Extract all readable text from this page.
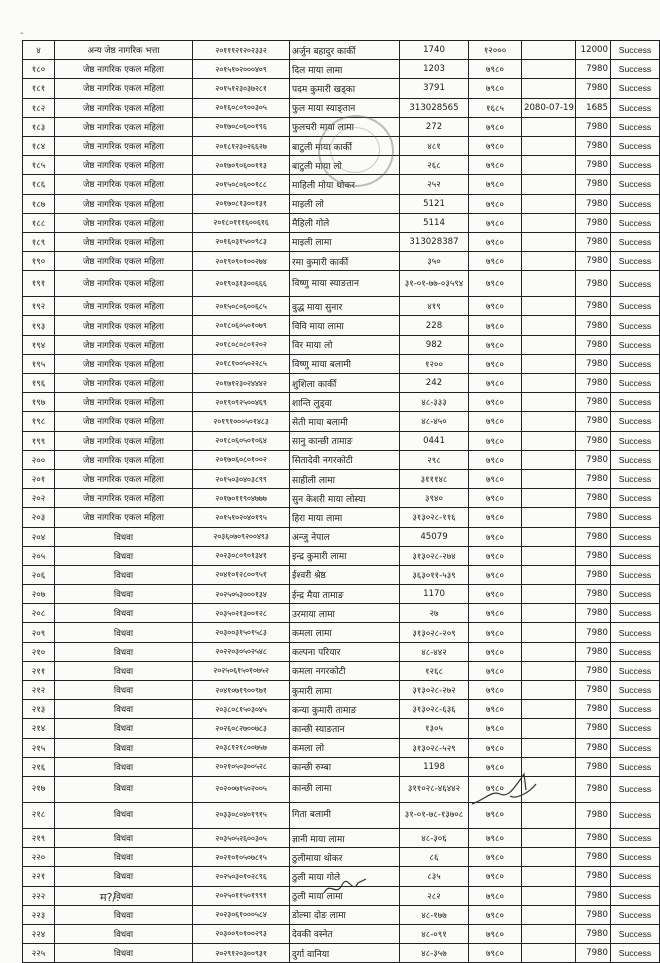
-
४	अन्य जेष्ठ नागरिक भत्ता	२०१११२१२०२३३२	अर्जुन बहादुर कार्की	1740	१२०००		12000	Success
१८०	जेष्ठ नागरिक एकल महिला	२०१५१०२०००४०९	दिल माया लामा	1203	७९८०		7980	Success
१८१	जेष्ठ नागरिक एकल महिला	२०१५१२३०३७२८१	पदम कुमारी खड्का	3791	७९८०		7980	Success
१८२	जेष्ठ नागरिक एकल महिला	२०१६०८०९००३०५	फुल माया स्याङ्तान	313028565	१६८५	2080-07-19	1685	Success
१८३	जेष्ठ नागरिक एकल महिला	२०१७०८०६००१९६	फुलचरी माया लामा	272	७९८०		7980	Success
१८४	जेष्ठ नागरिक एकल महिला	२०१८१२३०२६६२७	बाटुली माया कार्की	४८१	७९८०		7980	Success
१८५	जेष्ठ नागरिक एकल महिला	२०१७०९०६००११३	बाटुली माया लो	२६८	७९८०		7980	Success
१८६	जेष्ठ नागरिक एकल महिला	२०१५०८०६००१८८	माहिली मोया थोकर	२५२	७९८०		7980	Success
१८७	जेष्ठ नागरिक एकल महिला	२०१७०८१३००१३१	माइली लो	5121	७९८०		7980	Success
१८८	जेष्ठ नागरिक एकल महिला	२०१८०१११६००६१६	मैहिली गोले	5114	७९८०		7980	Success
१८९	जेष्ठ नागरिक एकल महिला	२०१६०३१५००९८३	माइली लामा	313028387	७९८०		7980	Success
१९०	जेष्ठ नागरिक एकल महिला	२०१९०९०१००२७४	रमा कुमारी कार्की	३५०	७९८०		7980	Success
१९१	जेष्ठ नागरिक एकल महिला	२०१९०३१३००६६६	विष्णु माया स्याङतान	३१-०१-७७-०३५९४	७९८०		7980	Success
१९२	जेष्ठ नागरिक एकल महिला	२०१५०८०६००६८५	वुद्ध माया सुनार	४१९	७९८०		7980	Success
१९३	जेष्ठ नागरिक एकल महिला	२०१८०६०५०१०७९	विवि माया लामा	228	७९८०		7980	Success
१९४	जेष्ठ नागरिक एकल महिला	२०१८०८०८०१२०२	विर माया लो	982	७९८०		7980	Success
१९५	जेष्ठ नागरिक एकल महिला	२०१८१००५०२२८५	विष्णु माया बलामी	१२००	७९८०		7980	Success
१९६	जेष्ठ नागरिक एकल महिला	२०१७१२३०२४४४२	शुशिला कार्की	242	७९८०		7980	Success
१९७	जेष्ठ नागरिक एकल महिला	२०१९०९२५००४६९	शान्ति लुड्वा	४८-३३३	७९८०		7980	Success
१९८	जेष्ठ नागरिक एकल महिला	२०१९१०००५०१४८३	सेती माया बलामी	४८-४५०	७९८०		7980	Success
१९९	जेष्ठ नागरिक एकल महिला	२०१८०६०५०१०६४	सानु कान्छी तामाङ	0441	७९८०		7980	Success
२००	जेष्ठ नागरिक एकल महिला	२०१७०६०८०१००२	सितादेवी नगरकोटी	२९८	७९८०		7980	Success
२०१	जेष्ठ नागरिक एकल महिला	२०१५०३०४०३८९९	साहीली लामा	३१११४८	७९८०		7980	Success
२०२	जेष्ठ नागरिक एकल महिला	२०१७०११९०४७७७	सुन केशरी माया लोस्या	३९४०	७९८०		7980	Success
२०३	जेष्ठ नागरिक एकल महिला	२०१५१०२०४०१९५	हिरा माया लामा	३१३०२८-११६	७९८०		7980	Success
२०४	विधवा	२०३६०७०९२००४९३	अन्जु नेपाल	45079	७९८०		7980	Success
२०५	विधवा	२०२३०८०९०१३४१	इन्द्र कुमारी लामा	३१३०२८-२७४	७९८०		7980	Success
२०६	विधवा	२०४१०१२८००९५१	ईश्वरी श्रेष्ठ	३६३०११-५३९	७९८०		7980	Success
२०७	विधवा	२०२५०५३०००१३४	ईन्द्र मैया तामाङ	1170	७९८०		7980	Success
२०८	विधवा	२०३५०२१३००१२८	उरमाया लामा	२७	७९८०		7980	Success
२०९	विधवा	२०३००३१५०१५८३	कमला लामा	३१३०२८-२०९	७९८०		7980	Success
२१०	विधवा	२०२२०३०५०२५४८	कल्पना परियार	४८-४४२	७९८०		7980	Success
२११	विधवा	२०२५०६१५०१०७५२	कमला नगरकोटी	१२६८	७९८०		7980	Success
२१२	विधवा	२०४१०७१९००९७१	कुमारी लामा	३१३०२८-२७२	७९८०		7980	Success
२१३	विधवा	२०३८०८१५०३०४५	कन्या कुमारी तामाङ	३१३०२८-६३६	७९८०		7980	Success
२१४	विधवा	२०२६०८२७००७८३	कान्छी स्याङतान	१३०५	७९८०		7980	Success
२१५	विधवा	२०३८१२१८००७५७	कमला लो	३१३०२८-५२९	७९८०		7980	Success
२१६	विधवा	२०२१०५०३००५२८	कान्छी रुम्बा	1198	७९८०		7980	Success
२१७	विधवा	२०२००७१५०२००५	कान्छी लामा	३११०२८-४६४४२	७९८०		7980	Success
२१८	विधवा	२०३३०८०४०१९१५	गिता बलामी	३१-०१-७८-१३७०८	७९८०		7980	Success
२१९	विधवा	२०३५०५२६००३०५	ज्ञानी माया लामा	४८-३०६	७९८०		7980	Success
२२०	विधवा	२०२१०१०५०७८१५	ठुलीमाया थोकर	८६	७९८०		7980	Success
२२१	विधवा	२०२५०३०१०२८९६	ठुली माया गोले	८३५	७९८०		7980	Success
२२२	विधवा	२०२५०११५०१९९१	ठुली माया लामा	२८२	७९८०		7980	Success
२२३	विधवा	२०२३०६१०००५८४	डोल्मा दोङ लामा	४८-१७७	७९८०		7980	Success
२२४	विधवा	२०३००९०१००२९३	देवकी वस्नेत	४८-०९१	७९८०		7980	Success
२२५	विधवा	२०२९१२०३००९३१	दुर्गा वानिया	४८-३५७	७९८०		7980	Success
म?/.
